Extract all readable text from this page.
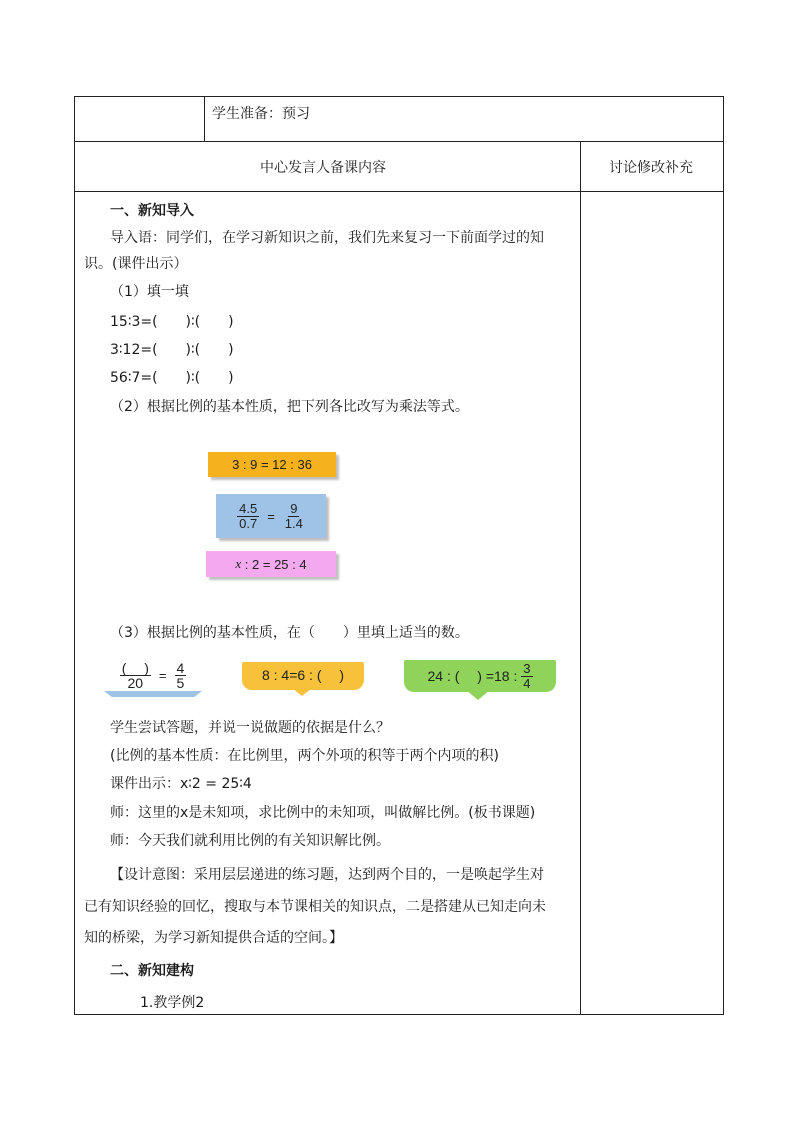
学生准备：预习
中心发言人备课内容	讨论修改补充
一、新知导入
导入语：同学们，在学习新知识之前，我们先来复习一下前面学过的知
识。(课件出示）
（1）填一填
15∶3=(　　)∶(　　)
3∶12=(　　)∶(　　)
56∶7=(　　)∶(　　)
（2）根据比例的基本性质，把下列各比改写为乘法等式。
3 : 9 = 12 : 36
$\frac{4.5}{0.7} = \frac{9}{1.4}$
x : 2 = 25 : 4
（3）根据比例的基本性质，在（　　）里填上适当的数。
$\frac{( )}{20} = \frac{4}{5}$	8 : 4=6 : (　 )	24 : (　 ) =18 : $\frac{3}{4}$
学生尝试答题，并说一说做题的依据是什么？
(比例的基本性质：在比例里，两个外项的积等于两个内项的积)
课件出示：x∶2 = 25∶4
师：这里的x是未知项，求比例中的未知项，叫做解比例。(板书课题)
师：今天我们就利用比例的有关知识解比例。
【设计意图：采用层层递进的练习题，达到两个目的，一是唤起学生对
已有知识经验的回忆，搜取与本节课相关的知识点，二是搭建从已知走向未
知的桥梁，为学习新知提供合适的空间。】
二、新知建构
1.教学例2
